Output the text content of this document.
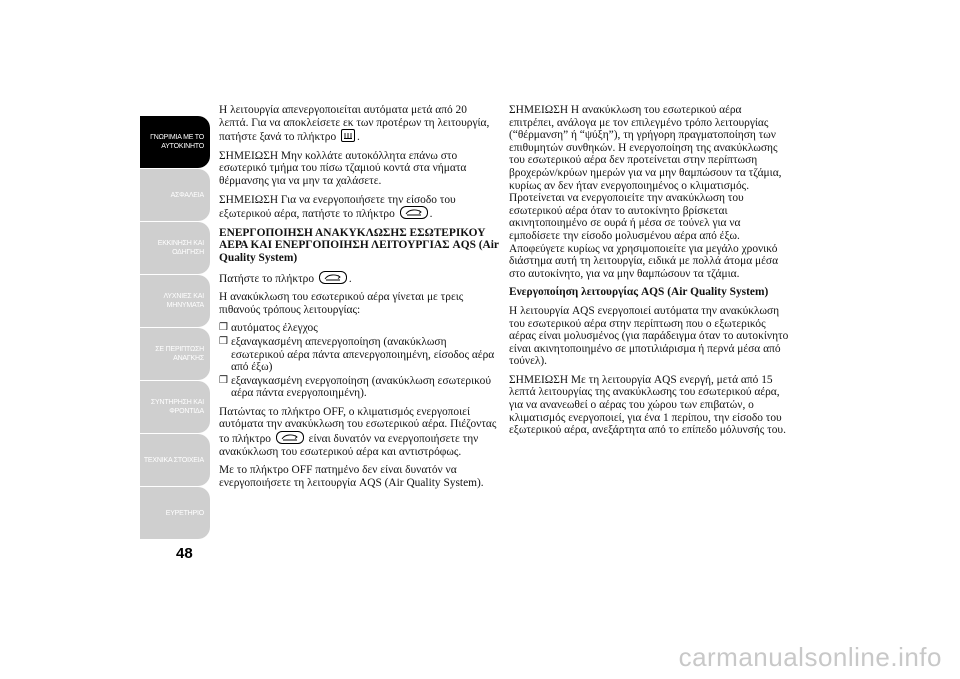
ΓΝΩΡΙΜΙΑ ΜΕ ΤΟ
ΑΥΤΟΚΙΝΗΤΟ
ΑΣΦΑΛΕΙΑ
ΕΚΚΙΝΗΣΗ ΚΑΙ
ΟΔΗΓΗΣΗ
ΛΥΧΝΙΕΣ ΚΑΙ
ΜΗΝΥΜΑΤΑ
ΣΕ ΠΕΡΙΠΤΩΣΗ
ΑΝΑΓΚΗΣ
ΣΥΝΤΗΡΗΣΗ ΚΑΙ
ΦΡΟΝΤΙΔΑ
ΤΕΧΝΙΚΑ ΣΤΟΙΧΕΙΑ
ΕΥΡΕΤΗΡΙΟ
48

Η λειτουργία απενεργοποιείται αυτόματα μετά από 20 λεπτά. Για να αποκλείσετε εκ των προτέρων τη λειτουργία, πατήστε ξανά το πλήκτρο .

ΣΗΜΕΙΩΣΗ Μην κολλάτε αυτοκόλλητα επάνω στο εσωτερικό τμήμα του πίσω τζαμιού κοντά στα νήματα θέρμανσης για να μην τα χαλάσετε.

ΣΗΜΕΙΩΣΗ Για να ενεργοποιήσετε την είσοδο του εξωτερικού αέρα, πατήστε το πλήκτρο	.

ΕΝΕΡΓΟΠΟΙΗΣΗ ΑΝΑΚΥΚΛΩΣΗΣ ΕΣΩΤΕΡΙΚΟΥ ΑΕΡΑ ΚΑΙ ΕΝΕΡΓΟΠΟΙΗΣΗ ΛΕΙΤΟΥΡΓΙΑΣ AQS (Air Quality System)

Πατήστε το πλήκτρο	.

Η ανακύκλωση του εσωτερικού αέρα γίνεται με τρεις πιθανούς τρόπους λειτουργίας:

❒ αυτόματος έλεγχος
❒ εξαναγκασμένη απενεργοποίηση (ανακύκλωση εσωτερικού αέρα πάντα απενεργοποιημένη, είσοδος αέρα από έξω)
❒ εξαναγκασμένη ενεργοποίηση (ανακύκλωση εσωτερικού αέρα πάντα ενεργοποιημένη).

Πατώντας το πλήκτρο OFF, ο κλιματισμός ενεργοποιεί αυτόματα την ανακύκλωση του εσωτερικού αέρα. Πιέζοντας το πλήκτρο	είναι δυνατόν να ενεργοποιήσετε την ανακύκλωση του εσωτερικού αέρα και αντιστρόφως.

Με το πλήκτρο OFF πατημένο δεν είναι δυνατόν να ενεργοποιήσετε τη λειτουργία AQS (Air Quality System).

ΣΗΜΕΙΩΣΗ Η ανακύκλωση του εσωτερικού αέρα επιτρέπει, ανάλογα με τον επιλεγμένο τρόπο λειτουργίας (“θέρμανση” ή “ψύξη”), τη γρήγορη πραγματοποίηση των επιθυμητών συνθηκών. Η ενεργοποίηση της ανακύκλωσης του εσωτερικού αέρα δεν προτείνεται στην περίπτωση βροχερών/κρύων ημερών για να μην θαμπώσουν τα τζάμια, κυρίως αν δεν ήταν ενεργοποιημένος ο κλιματισμός. Προτείνεται να ενεργοποιείτε την ανακύκλωση του εσωτερικού αέρα όταν το αυτοκίνητο βρίσκεται ακινητοποιημένο σε ουρά ή μέσα σε τούνελ για να εμποδίσετε την είσοδο μολυσμένου αέρα από έξω. Αποφεύγετε κυρίως να χρησιμοποιείτε για μεγάλο χρονικό διάστημα αυτή τη λειτουργία, ειδικά με πολλά άτομα μέσα στο αυτοκίνητο, για να μην θαμπώσουν τα τζάμια.

Ενεργοποίηση λειτουργίας AQS (Air Quality System)

Η λειτουργία AQS ενεργοποιεί αυτόματα την ανακύκλωση του εσωτερικού αέρα στην περίπτωση που ο εξωτερικός αέρας είναι μολυσμένος (για παράδειγμα όταν το αυτοκίνητο είναι ακινητοποιημένο σε μποτιλιάρισμα ή περνά μέσα από τούνελ).

ΣΗΜΕΙΩΣΗ Με τη λειτουργία AQS ενεργή, μετά από 15 λεπτά λειτουργίας της ανακύκλωσης του εσωτερικού αέρα, για να ανανεωθεί ο αέρας του χώρου των επιβατών, ο κλιματισμός ενεργοποιεί, για ένα 1 περίπου, την είσοδο του εξωτερικού αέρα, ανεξάρτητα από το επίπεδο μόλυνσής του.

carmanualsonline.info
